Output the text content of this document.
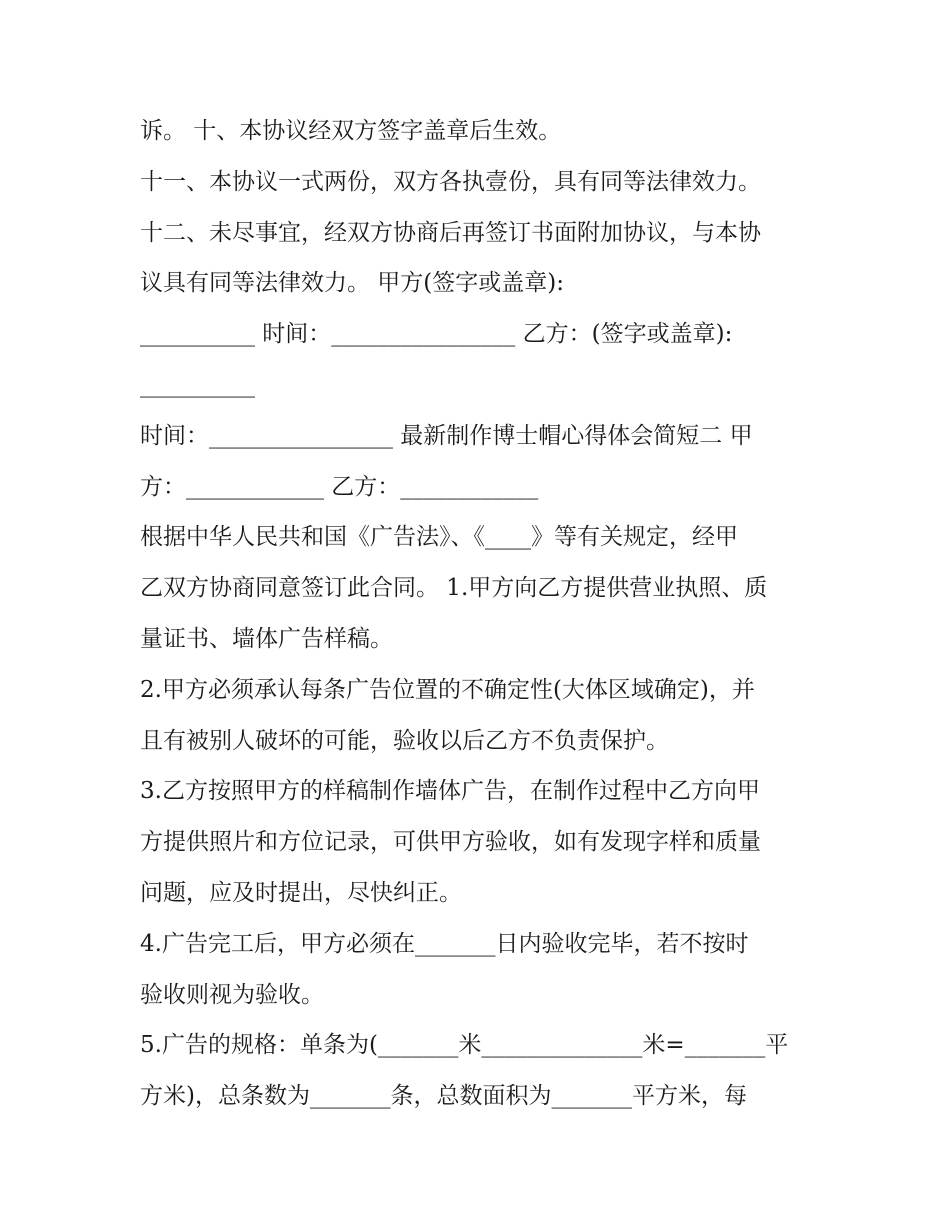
诉。 十、本协议经双方签字盖章后生效。
十一、本协议一式两份，双方各执壹份，具有同等法律效力。
十二、未尽事宜，经双方协商后再签订书面附加协议，与本协
议具有同等法律效力。 甲方(签字或盖章):
__________ 时间：________________ 乙方：(签字或盖章):
__________
时间：________________ 最新制作博士帽心得体会简短二 甲
方：____________ 乙方：____________
根据中华人民共和国《广告法》、《____》等有关规定，经甲
乙双方协商同意签订此合同。 1.甲方向乙方提供营业执照、质
量证书、墙体广告样稿。
2.甲方必须承认每条广告位置的不确定性(大体区域确定)，并
且有被别人破坏的可能，验收以后乙方不负责保护。
3.乙方按照甲方的样稿制作墙体广告，在制作过程中乙方向甲
方提供照片和方位记录，可供甲方验收，如有发现字样和质量
问题，应及时提出，尽快纠正。
4.广告完工后，甲方必须在_______日内验收完毕，若不按时
验收则视为验收。
5.广告的规格：单条为(_______米______________米=_______平
方米)，总条数为_______条，总数面积为_______平方米，每
